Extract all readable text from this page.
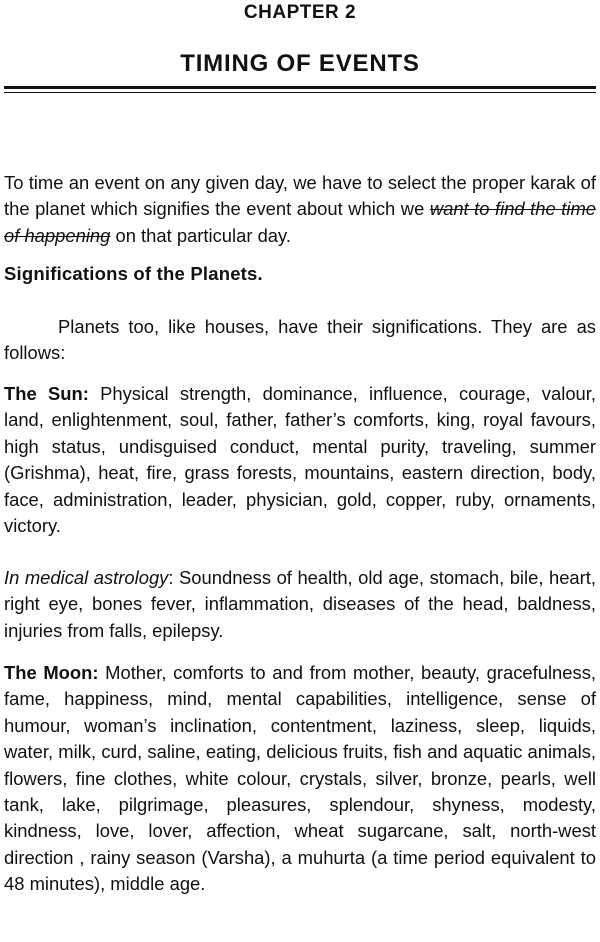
CHAPTER 2
TIMING OF EVENTS
To time an event on any given day, we have to select the proper karak of the planet which signifies the event about which we want to find the time of happening on that particular day.
Significations of the Planets.
Planets too, like houses, have their significations. They are as follows:
The Sun: Physical strength, dominance, influence, courage, valour, land, enlightenment, soul, father, father’s comforts, king, royal favours, high status, undisguised conduct, mental purity, traveling, summer (Grishma), heat, fire, grass forests, mountains, eastern direction, body, face, administration, leader, physician, gold, copper, ruby, ornaments, victory.
In medical astrology: Soundness of health, old age, stomach, bile, heart, right eye, bones fever, inflammation, diseases of the head, baldness, injuries from falls, epilepsy.
The Moon: Mother, comforts to and from mother, beauty, gracefulness, fame, happiness, mind, mental capabilities, intelligence, sense of humour, woman’s inclination, contentment, laziness, sleep, liquids, water, milk, curd, saline, eating, delicious fruits, fish and aquatic animals, flowers, fine clothes, white colour, crystals, silver, bronze, pearls, well tank, lake, pilgrimage, pleasures, splendour, shyness, modesty, kindness, love, lover, affection, wheat sugarcane, salt, north-west direction , rainy season (Varsha), a muhurta (a time period equivalent to 48 minutes), middle age.
